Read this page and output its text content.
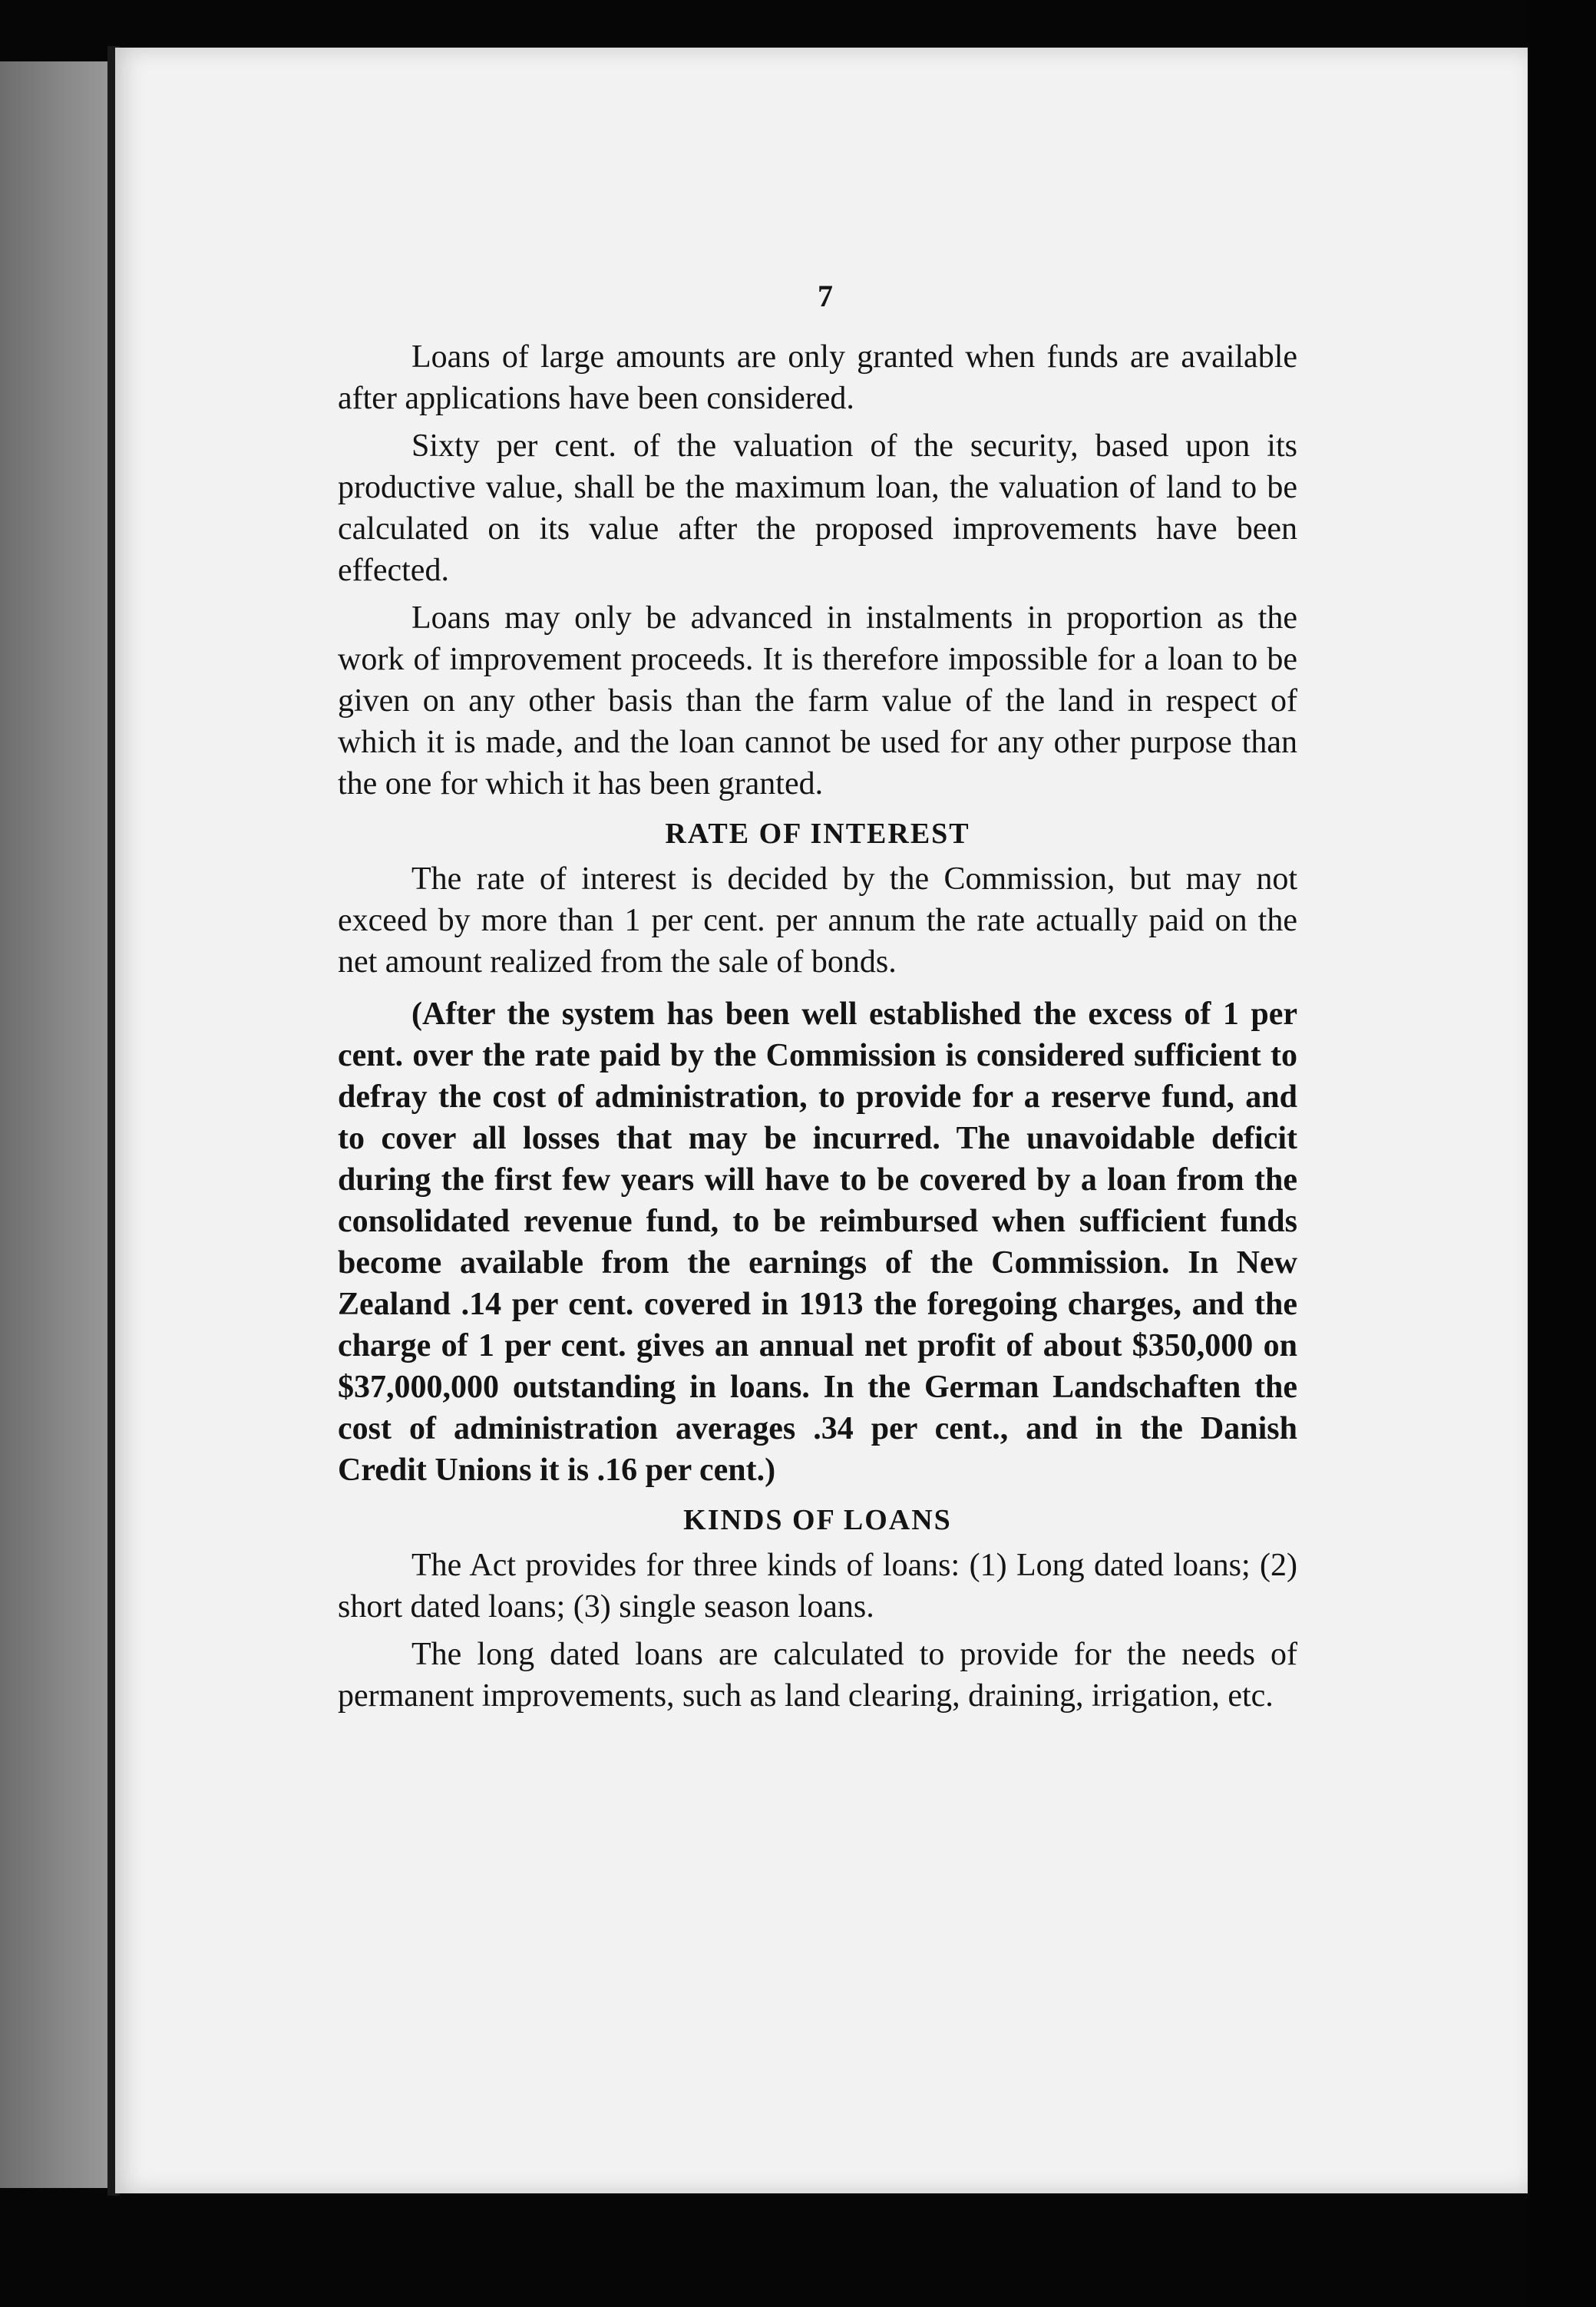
7

Loans of large amounts are only granted when funds are available after applications have been considered.

Sixty per cent. of the valuation of the security, based upon its productive value, shall be the maximum loan, the valuation of land to be calculated on its value after the proposed improvements have been effected.

Loans may only be advanced in instalments in proportion as the work of improvement proceeds. It is therefore impossible for a loan to be given on any other basis than the farm value of the land in respect of which it is made, and the loan cannot be used for any other purpose than the one for which it has been granted.

RATE OF INTEREST

The rate of interest is decided by the Commission, but may not exceed by more than 1 per cent. per annum the rate actually paid on the net amount realized from the sale of bonds.

(After the system has been well established the excess of 1 per cent. over the rate paid by the Commission is considered sufficient to defray the cost of administration, to provide for a reserve fund, and to cover all losses that may be incurred. The unavoidable deficit during the first few years will have to be covered by a loan from the consolidated revenue fund, to be reimbursed when sufficient funds become available from the earnings of the Commission. In New Zealand .14 per cent. covered in 1913 the foregoing charges, and the charge of 1 per cent. gives an annual net profit of about $350,000 on $37,000,000 outstanding in loans. In the German Landschaften the cost of administration averages .34 per cent., and in the Danish Credit Unions it is .16 per cent.)

KINDS OF LOANS

The Act provides for three kinds of loans: (1) Long dated loans; (2) short dated loans; (3) single season loans.

The long dated loans are calculated to provide for the needs of permanent improvements, such as land clearing, draining, irrigation, etc.
